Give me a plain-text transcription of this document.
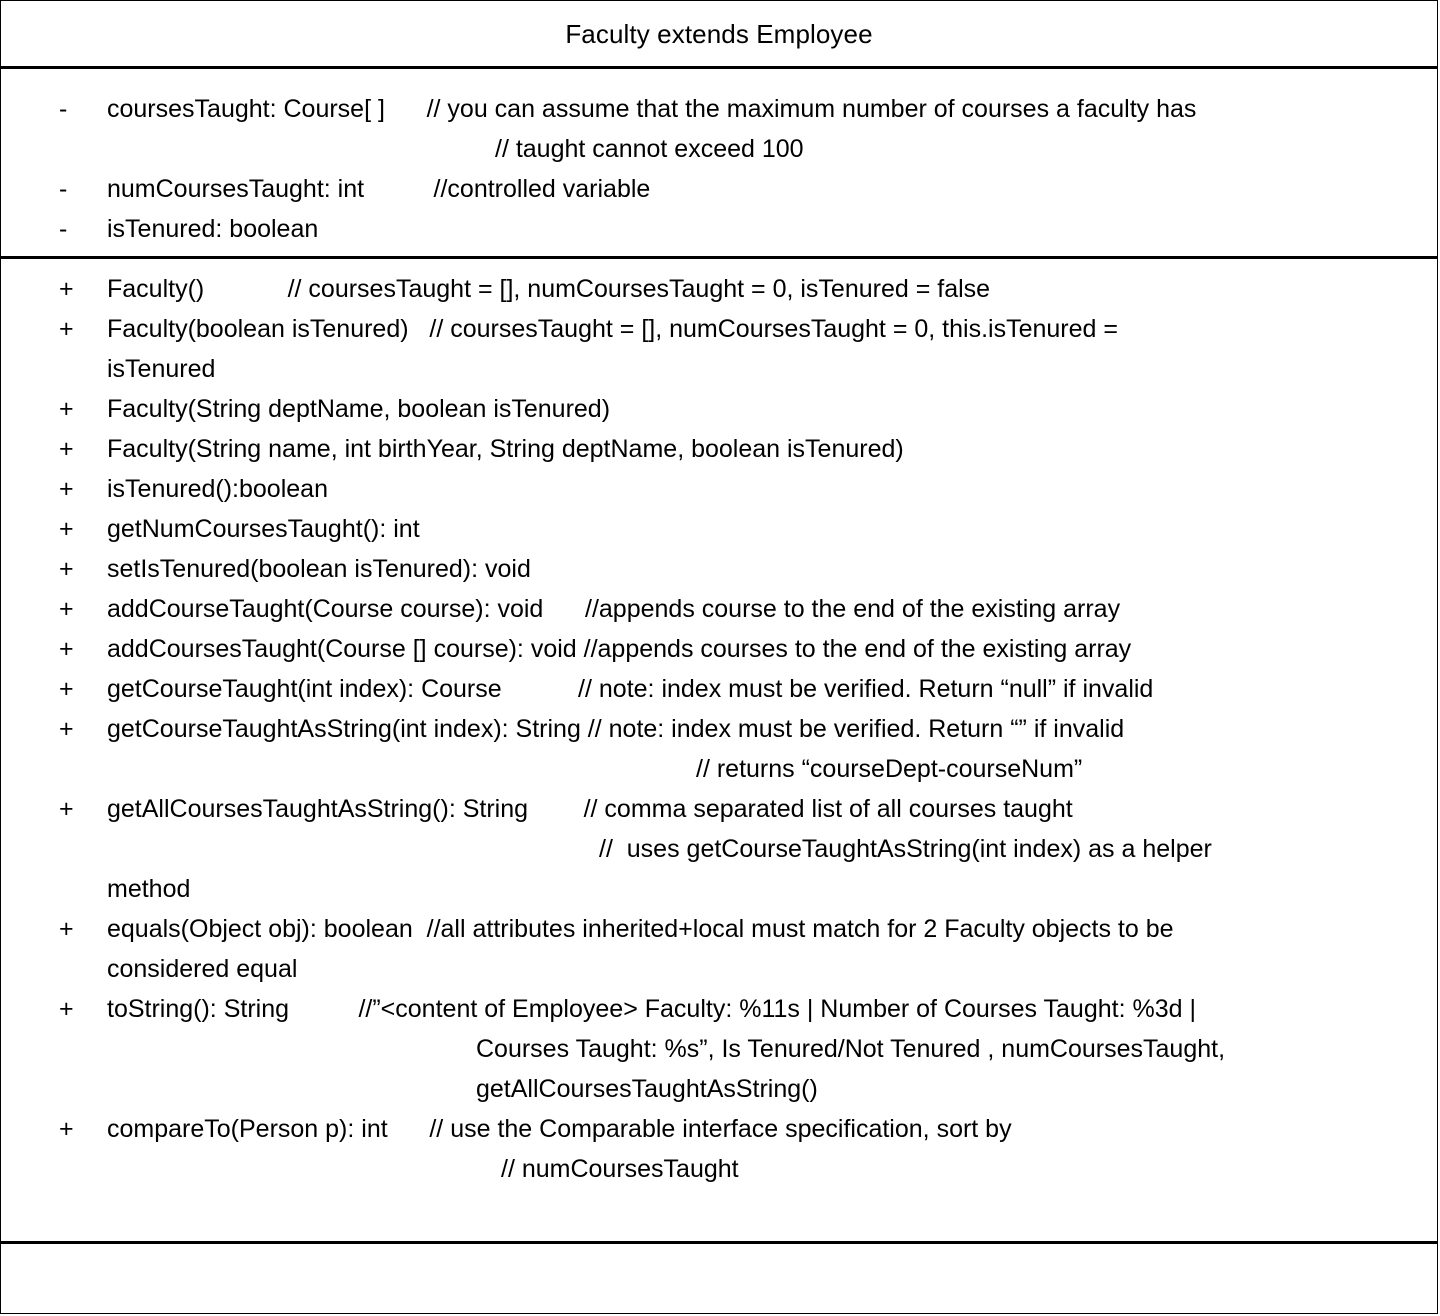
Faculty extends Employee
-	coursesTaught: Course[ ]      // you can assume that the maximum number of courses a faculty has
// taught cannot exceed 100
-	numCoursesTaught: int          //controlled variable
-	isTenured: boolean
+	Faculty()            // coursesTaught = [], numCoursesTaught = 0, isTenured = false
+	Faculty(boolean isTenured)   // coursesTaught = [], numCoursesTaught = 0, this.isTenured =
isTenured
+	Faculty(String deptName, boolean isTenured)
+	Faculty(String name, int birthYear, String deptName, boolean isTenured)
+	isTenured():boolean
+	getNumCoursesTaught(): int
+	setIsTenured(boolean isTenured): void
+	addCourseTaught(Course course): void      //appends course to the end of the existing array
+	addCoursesTaught(Course [] course): void //appends courses to the end of the existing array
+	getCourseTaught(int index): Course           // note: index must be verified. Return “null” if invalid
+	getCourseTaughtAsString(int index): String // note: index must be verified. Return “” if invalid
// returns “courseDept-courseNum”
+	getAllCoursesTaughtAsString(): String        // comma separated list of all courses taught
//  uses getCourseTaughtAsString(int index) as a helper
method
+	equals(Object obj): boolean  //all attributes inherited+local must match for 2 Faculty objects to be
considered equal
+	toString(): String          //”<content of Employee> Faculty: %11s | Number of Courses Taught: %3d |
Courses Taught: %s”, Is Tenured/Not Tenured , numCoursesTaught,
getAllCoursesTaughtAsString()
+	compareTo(Person p): int      // use the Comparable interface specification, sort by
// numCoursesTaught
